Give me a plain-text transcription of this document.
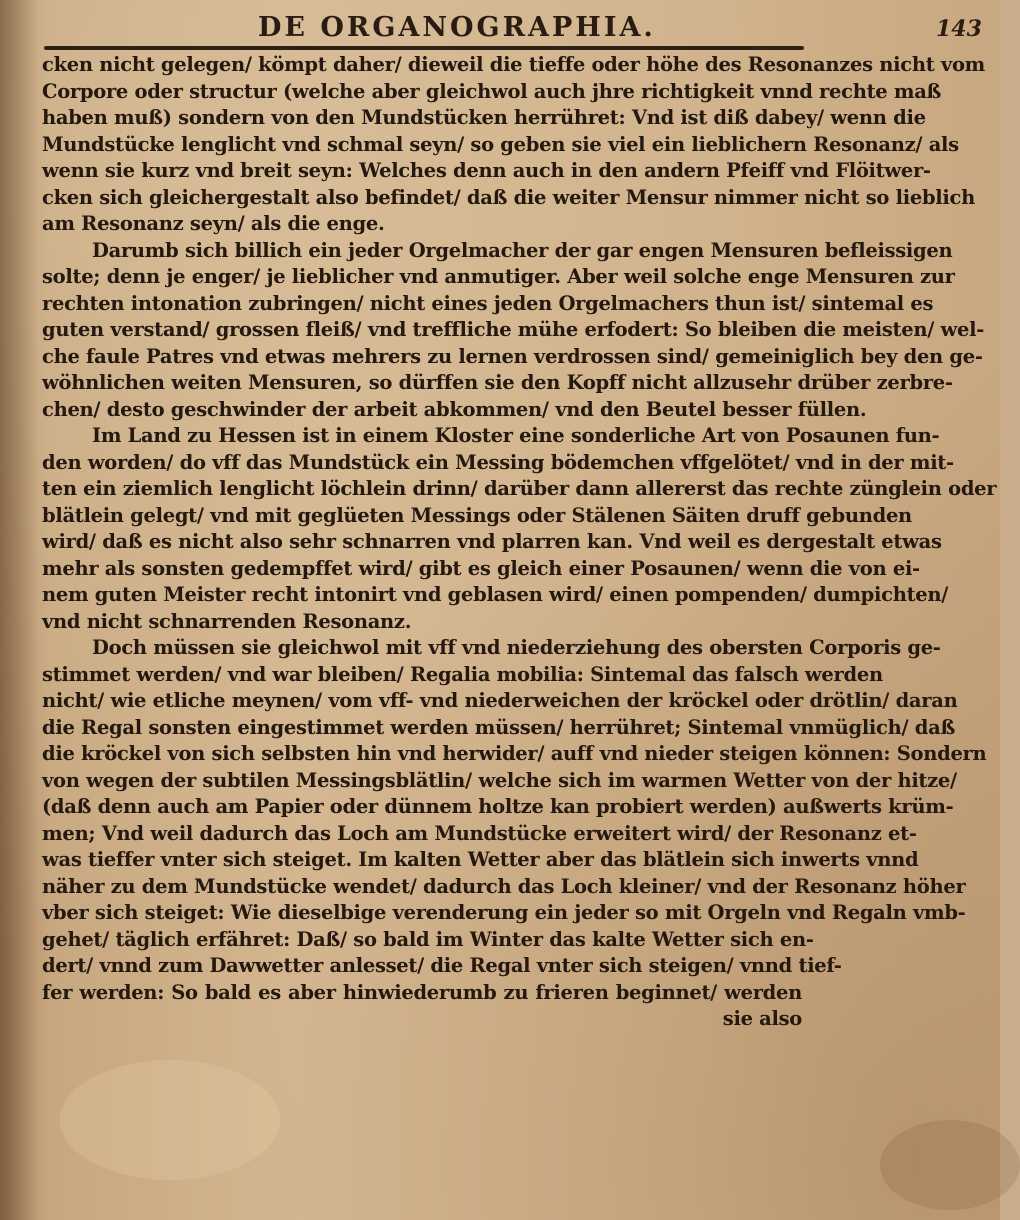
DE ORGANOGRAPHIA.	143
cken nicht gelegen/ kömpt daher/ dieweil die tieffe oder höhe des Resonanzes nicht vom
Corpore oder structur (welche aber gleichwol auch jhre richtigkeit vnnd rechte maß
haben muß) sondern von den Mundstücken herrühret: Vnd ist diß dabey/ wenn die
Mundstücke lenglicht vnd schmal seyn/ so geben sie viel ein lieblichern Resonanz/ als
wenn sie kurz vnd breit seyn: Welches denn auch in den andern Pfeiff vnd Flöitwer-
cken sich gleichergestalt also befindet/ daß die weiter Mensur nimmer nicht so lieblich
am Resonanz seyn/ als die enge.
Darumb sich billich ein jeder Orgelmacher der gar engen Mensuren befleissigen
solte; denn je enger/ je lieblicher vnd anmutiger. Aber weil solche enge Mensuren zur
rechten intonation zubringen/ nicht eines jeden Orgelmachers thun ist/ sintemal es
guten verstand/ grossen fleiß/ vnd treffliche mühe erfodert: So bleiben die meisten/ wel-
che faule Patres vnd etwas mehrers zu lernen verdrossen sind/ gemeiniglich bey den ge-
wöhnlichen weiten Mensuren, so dürffen sie den Kopff nicht allzusehr drüber zerbre-
chen/ desto geschwinder der arbeit abkommen/ vnd den Beutel besser füllen.
Im Land zu Hessen ist in einem Kloster eine sonderliche Art von Posaunen fun-
den worden/ do vff das Mundstück ein Messing bödemchen vffgelötet/ vnd in der mit-
ten ein ziemlich lenglicht löchlein drinn/ darüber dann allererst das rechte zünglein oder
blätlein gelegt/ vnd mit geglüeten Messings oder Stälenen Säiten druff gebunden
wird/ daß es nicht also sehr schnarren vnd plarren kan. Vnd weil es dergestalt etwas
mehr als sonsten gedempffet wird/ gibt es gleich einer Posaunen/ wenn die von ei-
nem guten Meister recht intonirt vnd geblasen wird/ einen pompenden/ dumpichten/
vnd nicht schnarrenden Resonanz.
Doch müssen sie gleichwol mit vff vnd niederziehung des obersten Corporis ge-
stimmet werden/ vnd war bleiben/ Regalia mobilia: Sintemal das falsch werden
nicht/ wie etliche meynen/ vom vff- vnd niederweichen der kröckel oder drötlin/ daran
die Regal sonsten eingestimmet werden müssen/ herrühret; Sintemal vnmüglich/ daß
die kröckel von sich selbsten hin vnd herwider/ auff vnd nieder steigen können: Sondern
von wegen der subtilen Messingsblätlin/ welche sich im warmen Wetter von der hitze/
(daß denn auch am Papier oder dünnem holtze kan probiert werden) außwerts krüm-
men; Vnd weil dadurch das Loch am Mundstücke erweitert wird/ der Resonanz et-
was tieffer vnter sich steiget. Im kalten Wetter aber das blätlein sich inwerts vnnd
näher zu dem Mundstücke wendet/ dadurch das Loch kleiner/ vnd der Resonanz höher
vber sich steiget: Wie dieselbige verenderung ein jeder so mit Orgeln vnd Regaln vmb-
gehet/ täglich erfähret: Daß/ so bald im Winter das kalte Wetter sich en-
dert/ vnnd zum Dawwetter anlesset/ die Regal vnter sich steigen/ vnnd tief-
fer werden: So bald es aber hinwiederumb zu frieren beginnet/ werden
sie also
